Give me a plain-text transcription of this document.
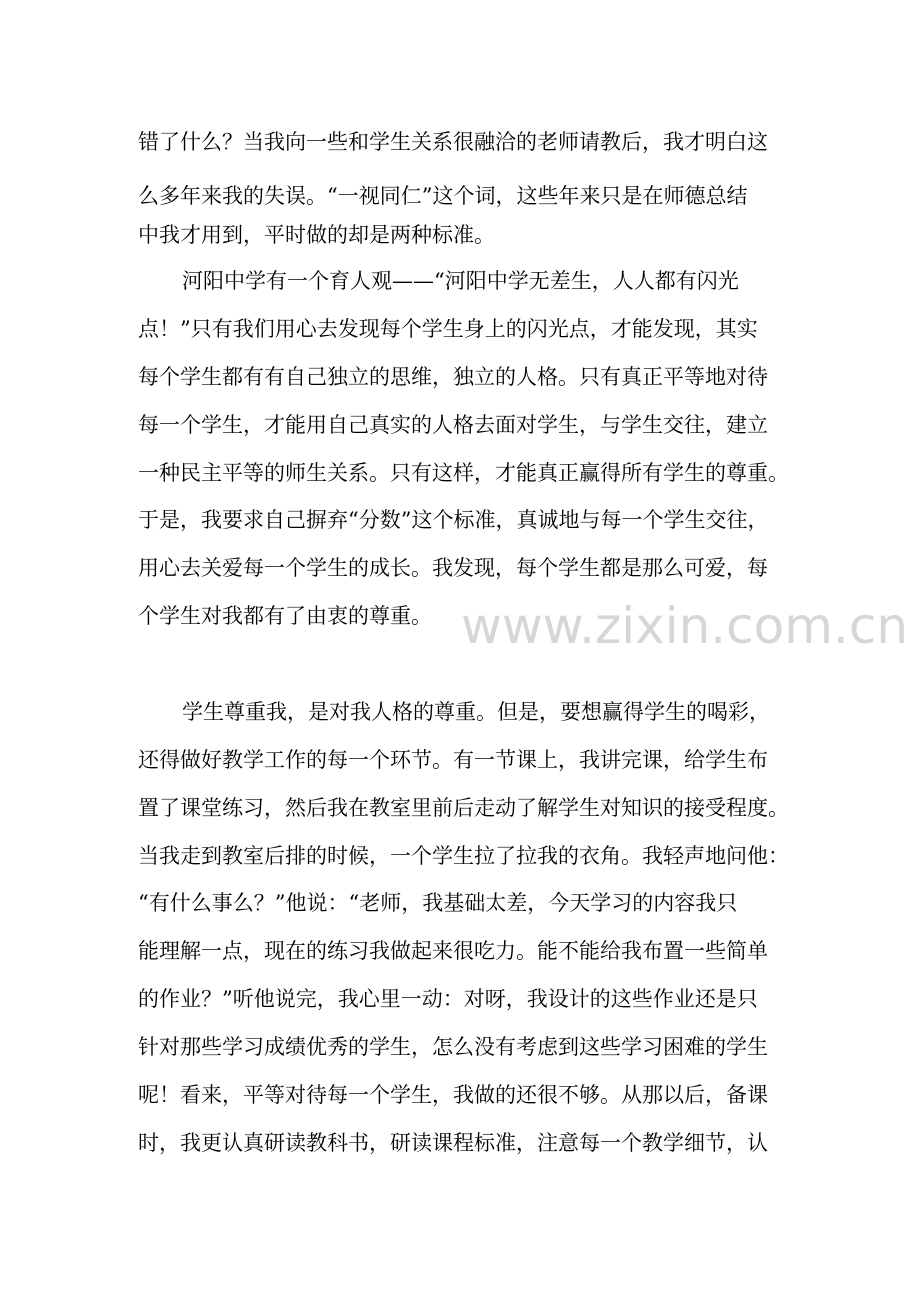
错了什么？当我向一些和学生关系很融洽的老师请教后，我才明白这
么多年来我的失误。“一视同仁”这个词，这些年来只是在师德总结
中我才用到，平时做的却是两种标准。
河阳中学有一个育人观——“河阳中学无差生，人人都有闪光
点！”只有我们用心去发现每个学生身上的闪光点，才能发现，其实
每个学生都有有自己独立的思维，独立的人格。只有真正平等地对待
每一个学生，才能用自己真实的人格去面对学生，与学生交往，建立
一种民主平等的师生关系。只有这样，才能真正赢得所有学生的尊重。
于是，我要求自己摒弃“分数”这个标准，真诚地与每一个学生交往，
用心去关爱每一个学生的成长。我发现，每个学生都是那么可爱，每
个学生对我都有了由衷的尊重。
学生尊重我，是对我人格的尊重。但是，要想赢得学生的喝彩，
还得做好教学工作的每一个环节。有一节课上，我讲完课，给学生布
置了课堂练习，然后我在教室里前后走动了解学生对知识的接受程度。
当我走到教室后排的时候，一个学生拉了拉我的衣角。我轻声地问他：
“有什么事么？”他说：“老师，我基础太差，今天学习的内容我只
能理解一点，现在的练习我做起来很吃力。能不能给我布置一些简单
的作业？”听他说完，我心里一动：对呀，我设计的这些作业还是只
针对那些学习成绩优秀的学生，怎么没有考虑到这些学习困难的学生
呢！看来，平等对待每一个学生，我做的还很不够。从那以后，备课
时，我更认真研读教科书，研读课程标准，注意每一个教学细节，认
www.zixin.com.cn
